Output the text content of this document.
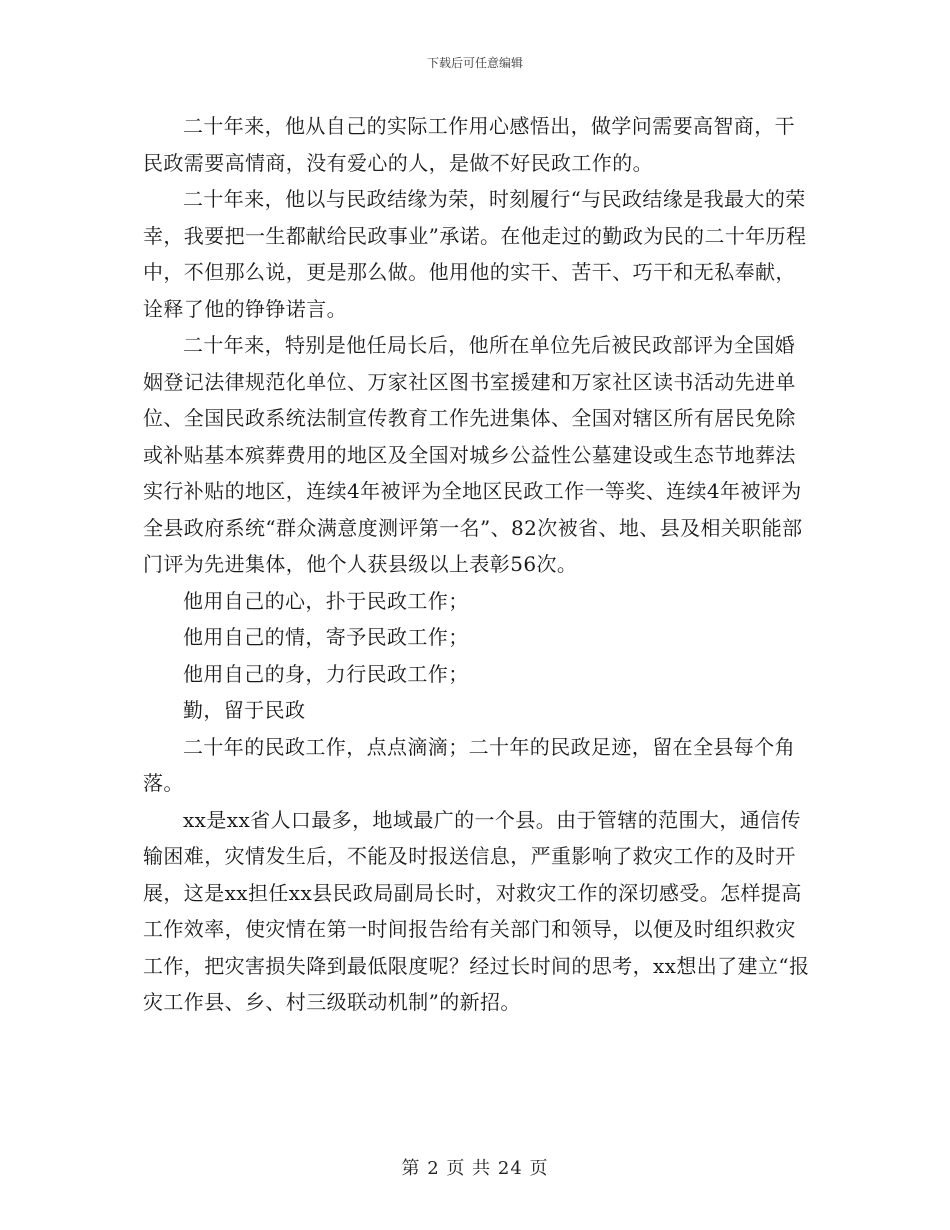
下载后可任意编辑

二十年来，他从自己的实际工作用心感悟出，做学问需要高智商，干民政需要高情商，没有爱心的人，是做不好民政工作的。

二十年来，他以与民政结缘为荣，时刻履行“与民政结缘是我最大的荣幸，我要把一生都献给民政事业”承诺。在他走过的勤政为民的二十年历程中，不但那么说，更是那么做。他用他的实干、苦干、巧干和无私奉献，诠释了他的铮铮诺言。

二十年来，特别是他任局长后，他所在单位先后被民政部评为全国婚姻登记法律规范化单位、万家社区图书室援建和万家社区读书活动先进单位、全国民政系统法制宣传教育工作先进集体、全国对辖区所有居民免除或补贴基本殡葬费用的地区及全国对城乡公益性公墓建设或生态节地葬法实行补贴的地区，连续4年被评为全地区民政工作一等奖、连续4年被评为全县政府系统“群众满意度测评第一名”、82次被省、地、县及相关职能部门评为先进集体，他个人获县级以上表彰56次。

他用自己的心，扑于民政工作；

他用自己的情，寄予民政工作；

他用自己的身，力行民政工作；

勤，留于民政

二十年的民政工作，点点滴滴；二十年的民政足迹，留在全县每个角落。

xx是xx省人口最多，地域最广的一个县。由于管辖的范围大，通信传输困难，灾情发生后，不能及时报送信息，严重影响了救灾工作的及时开展，这是xx担任xx县民政局副局长时，对救灾工作的深切感受。怎样提高工作效率，使灾情在第一时间报告给有关部门和领导，以便及时组织救灾工作，把灾害损失降到最低限度呢？经过长时间的思考，xx想出了建立“报灾工作县、乡、村三级联动机制”的新招。

第 2 页 共 24 页
